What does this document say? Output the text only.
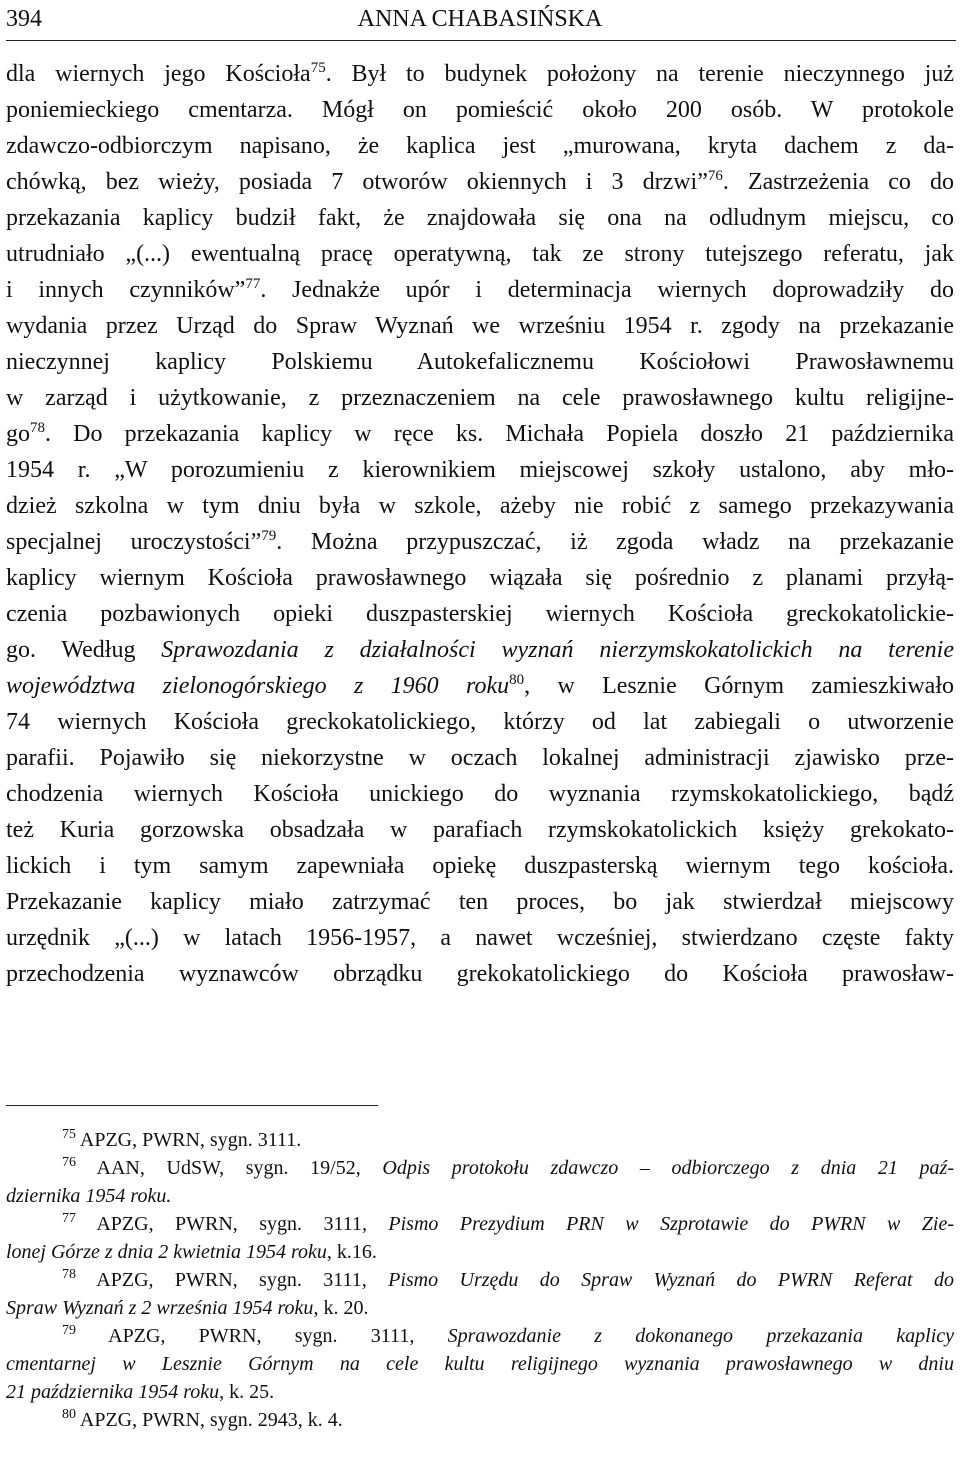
394	ANNA CHABASIŃSKA
dla wiernych jego Kościoła$^{75}$. Był to budynek położony na terenie nieczynnego już
poniemieckiego cmentarza. Mógł on pomieścić około 200 osób. W protokole
zdawczo-odbiorczym napisano, że kaplica jest „murowana, kryta dachem z da-
chówką, bez wieży, posiada 7 otworów okiennych i 3 drzwi”$^{76}$. Zastrzeżenia co do
przekazania kaplicy budził fakt, że znajdowała się ona na odludnym miejscu, co
utrudniało „(...) ewentualną pracę operatywną, tak ze strony tutejszego referatu, jak
i innych czynników”$^{77}$. Jednakże upór i determinacja wiernych doprowadziły do
wydania przez Urząd do Spraw Wyznań we wrześniu 1954 r. zgody na przekazanie
nieczynnej kaplicy Polskiemu Autokefalicznemu Kościołowi Prawosławnemu
w zarząd i użytkowanie, z przeznaczeniem na cele prawosławnego kultu religijne-
$go^{78}$. Do przekazania kaplicy w ręce ks. Michała Popiela doszło 21 października
1954 r. „W porozumieniu z kierownikiem miejscowej szkoły ustalono, aby mło-
dzież szkolna w tym dniu była w szkole, ażeby nie robić z samego przekazywania
specjalnej uroczystości”$^{79}$. Można przypuszczać, iż zgoda władz na przekazanie
kaplicy wiernym Kościoła prawosławnego wiązała się pośrednio z planami przyłą-
czenia pozbawionych opieki duszpasterskiej wiernych Kościoła greckokatolickie-
go. Według Sprawozdania z działalności wyznań nierzymskokatolickich na terenie
województwa zielonogórskiego z 1960 roku$^{80}$, w Lesznie Górnym zamieszkiwało
74 wiernych Kościoła greckokatolickiego, którzy od lat zabiegali o utworzenie
parafii. Pojawiło się niekorzystne w oczach lokalnej administracji zjawisko prze-
chodzenia wiernych Kościoła unickiego do wyznania rzymskokatolickiego, bądź
też Kuria gorzowska obsadzała w parafiach rzymskokatolickich księży grekokato-
lickich i tym samym zapewniała opiekę duszpasterską wiernym tego kościoła.
Przekazanie kaplicy miało zatrzymać ten proces, bo jak stwierdzał miejscowy
urzędnik „(...) w latach 1956-1957, a nawet wcześniej, stwierdzano częste fakty
przechodzenia wyznawców obrządku grekokatolickiego do Kościoła prawosław-
$^{75}$ APZG, PWRN, sygn. 3111.
$^{76}$ AAN, UdSW, sygn. 19/52, Odpis protokołu zdawczo – odbiorczego z dnia 21 paź-
dziernika 1954 roku.
$^{77}$ APZG, PWRN, sygn. 3111, Pismo Prezydium PRN w Szprotawie do PWRN w Zie-
lonej Górze z dnia 2 kwietnia 1954 roku, k.16.
$^{78}$ APZG, PWRN, sygn. 3111, Pismo Urzędu do Spraw Wyznań do PWRN Referat do
Spraw Wyznań z 2 września 1954 roku, k. 20.
$^{79}$ APZG, PWRN, sygn. 3111, Sprawozdanie z dokonanego przekazania kaplicy
cmentarnej w Lesznie Górnym na cele kultu religijnego wyznania prawosławnego w dniu
21 października 1954 roku, k. 25.
$^{80}$ APZG, PWRN, sygn. 2943, k. 4.
